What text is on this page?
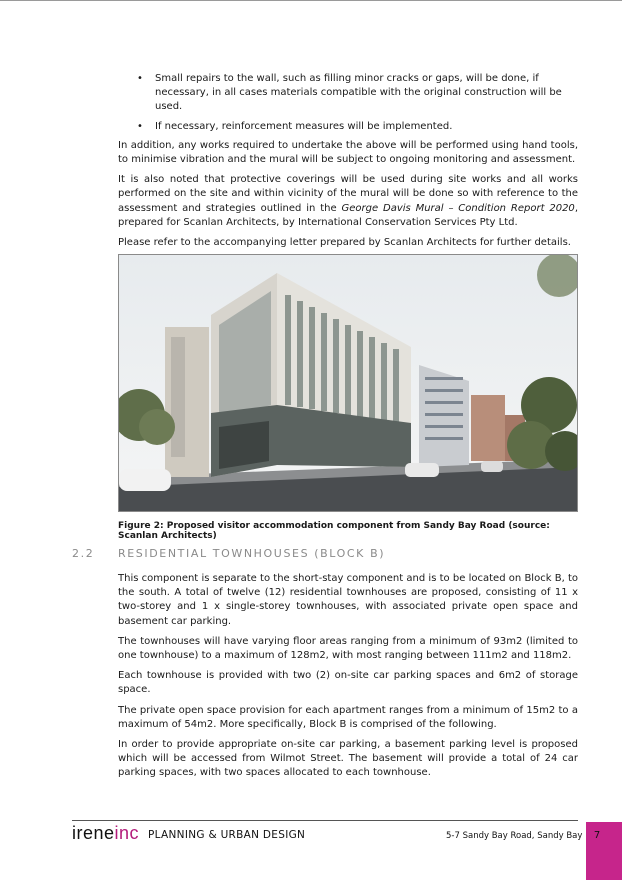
• Small repairs to the wall, such as filling minor cracks or gaps, will be done, if necessary, in all cases materials compatible with the original construction will be used.
• If necessary, reinforcement measures will be implemented.

In addition, any works required to undertake the above will be performed using hand tools, to minimise vibration and the mural will be subject to ongoing monitoring and assessment.

It is also noted that protective coverings will be used during site works and all works performed on the site and within vicinity of the mural will be done so with reference to the assessment and strategies outlined in the George Davis Mural – Condition Report 2020, prepared for Scanlan Architects, by International Conservation Services Pty Ltd.

Please refer to the accompanying letter prepared by Scanlan Architects for further details.

Figure 2: Proposed visitor accommodation component from Sandy Bay Road (source: Scanlan Architects)
2.2 RESIDENTIAL TOWNHOUSES (BLOCK B)

This component is separate to the short-stay component and is to be located on Block B, to the south. A total of twelve (12) residential townhouses are proposed, consisting of 11 x two-storey and 1 x single-storey townhouses, with associated private open space and basement car parking.

The townhouses will have varying floor areas ranging from a minimum of 93m2 (limited to one townhouse) to a maximum of 128m2, with most ranging between 111m2 and 118m2.

Each townhouse is provided with two (2) on-site car parking spaces and 6m2 of storage space.

The private open space provision for each apartment ranges from a minimum of 15m2 to a maximum of 54m2. More specifically, Block B is comprised of the following.

In order to provide appropriate on-site car parking, a basement parking level is proposed which will be accessed from Wilmot Street. The basement will provide a total of 24 car parking spaces, with two spaces allocated to each townhouse.

ireneinc PLANNING & URBAN DESIGN	5-7 Sandy Bay Road, Sandy Bay	7
